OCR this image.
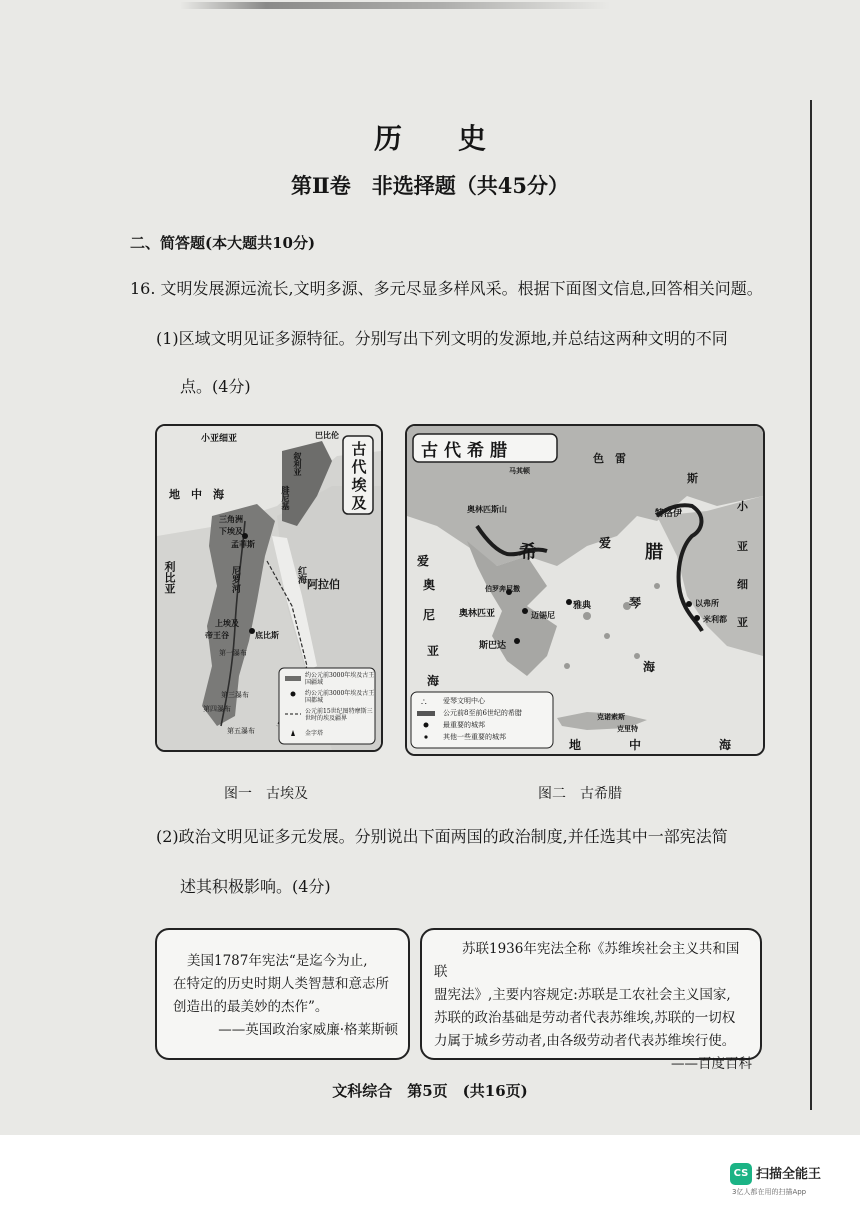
历史
第Ⅱ卷　非选择题（共45分）
二、简答题(本大题共10分)
16. 文明发展源远流长,文明多源、多元尽显多样风采。根据下面图文信息,回答相关问题。
(1)区域文明见证多源特征。分别写出下列文明的发源地,并总结这两种文明的不同
点。(4分)
古代埃及
小亚细亚	巴比伦
叙利亚
腓尼基
地　中　海
三角洲
下埃及
孟菲斯
利比亚	红海
阿拉伯
尼罗河
上埃及
帝王谷	底比斯
第一瀑布
第三瀑布
第四瀑布
第五瀑布
约公元前3000年埃及古王国疆域
约公元前3000年埃及古王国都城
公元前15世纪图特摩斯三世时的埃及疆界
金字塔
∴
古代希腊	色　雷
斯
马其顿
奥林匹斯山	特洛伊
小
亚
细
亚
希	腊
爱
琴
海
爱
奥
尼
亚
海
伯罗奔尼撒
奥林匹亚
斯巴达
雅典
迈锡尼
以弗所
米利都
克诺索斯
克里特
地	中	海
爱琴文明中心
公元前8至前6世纪的希腊
最重要的城邦
其他一些重要的城邦
图一　古埃及	图二　古希腊
(2)政治文明见证多元发展。分别说出下面两国的政治制度,并任选其中一部宪法简
述其积极影响。(4分)

美国1787年宪法“是迄今为止,

在特定的历史时期人类智慧和意志所

创造出的最美妙的杰作”。

——英国政治家威廉·格莱斯顿

苏联1936年宪法全称《苏维埃社会主义共和国联

盟宪法》,主要内容规定:苏联是工农社会主义国家,

苏联的政治基础是劳动者代表苏维埃,苏联的一切权

力属于城乡劳动者,由各级劳动者代表苏维埃行使。

——百度百科

文科综合　第5页　(共16页)
CS 扫描全能王
3亿人都在用的扫描App
